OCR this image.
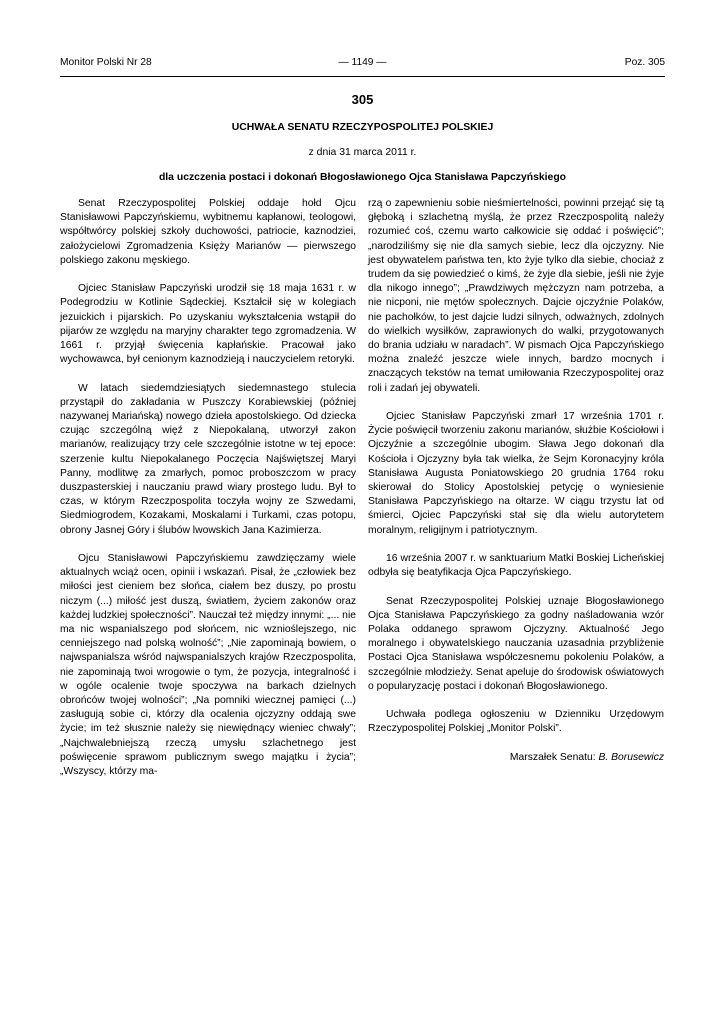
Monitor Polski Nr 28	— 1149 —	Poz. 305
305
UCHWAŁA SENATU RZECZYPOSPOLITEJ POLSKIEJ
z dnia 31 marca 2011 r.
dla uczczenia postaci i dokonań Błogosławionego Ojca Stanisława Papczyńskiego

Senat Rzeczypospolitej Polskiej oddaje hołd Ojcu Stanisławowi Papczyńskiemu, wybitnemu kapłanowi, teologowi, współtwórcy polskiej szkoły duchowości, patriocie, kaznodziei, założycielowi Zgromadzenia Księży Marianów — pierwszego polskiego zakonu męskiego.

Ojciec Stanisław Papczyński urodził się 18 maja 1631 r. w Podegrodziu w Kotlinie Sądeckiej. Kształcił się w kolegiach jezuickich i pijarskich. Po uzyskaniu wykształcenia wstąpił do pijarów ze względu na maryjny charakter tego zgromadzenia. W 1661 r. przyjął święcenia kapłańskie. Pracował jako wychowawca, był cenionym kaznodzieją i nauczycielem retoryki.

W latach siedemdziesiątych siedemnastego stulecia przystąpił do zakładania w Puszczy Korabiewskiej (później nazywanej Mariańską) nowego dzieła apostolskiego. Od dziecka czując szczególną więź z Niepokalaną, utworzył zakon marianów, realizujący trzy cele szczególnie istotne w tej epoce: szerzenie kultu Niepokalanego Poczęcia Najświętszej Maryi Panny, modlitwę za zmarłych, pomoc proboszczom w pracy duszpasterskiej i nauczaniu prawd wiary prostego ludu. Był to czas, w którym Rzeczpospolita toczyła wojny ze Szwedami, Siedmiogrodem, Kozakami, Moskalami i Turkami, czas potopu, obrony Jasnej Góry i ślubów lwowskich Jana Kazimierza.

Ojcu Stanisławowi Papczyńskiemu zawdzięczamy wiele aktualnych wciąż ocen, opinii i wskazań. Pisał, że „człowiek bez miłości jest cieniem bez słońca, ciałem bez duszy, po prostu niczym (...) miłość jest duszą, światłem, życiem zakonów oraz każdej ludzkiej społeczności”. Nauczał też między innymi: „... nie ma nic wspanialszego pod słońcem, nic wznioślejszego, nic cenniejszego nad polską wolność”; „Nie zapominają bowiem, o najwspanialsza wśród najwspanialszych krajów Rzeczpospolita, nie zapominają twoi wrogowie o tym, że pozycja, integralność i w ogóle ocalenie twoje spoczywa na barkach dzielnych obrońców twojej wolności”; „Na pomniki wiecznej pamięci (...) zasługują sobie ci, którzy dla ocalenia ojczyzny oddają swe życie; im też słusznie należy się niewiędnący wieniec chwały”; „Najchwalebniejszą rzeczą umysłu szlachetnego jest poświęcenie sprawom publicznym swego majątku i życia”; „Wszyscy, którzy ma-

rzą o zapewnieniu sobie nieśmiertelności, powinni przejąć się tą głęboką i szlachetną myślą, że przez Rzeczpospolitą należy rozumieć coś, czemu warto całkowicie się oddać i poświęcić”; „narodziliśmy się nie dla samych siebie, lecz dla ojczyzny. Nie jest obywatelem państwa ten, kto żyje tylko dla siebie, chociaż z trudem da się powiedzieć o kimś, że żyje dla siebie, jeśli nie żyje dla nikogo innego”; „Prawdziwych mężczyzn nam potrzeba, a nie nicponi, nie mętów społecznych. Dajcie ojczyźnie Polaków, nie pachołków, to jest dajcie ludzi silnych, odważnych, zdolnych do wielkich wysiłków, zaprawionych do walki, przygotowanych do brania udziału w naradach”. W pismach Ojca Papczyńskiego można znaleźć jeszcze wiele innych, bardzo mocnych i znaczących tekstów na temat umiłowania Rzeczypospolitej oraz roli i zadań jej obywateli.

Ojciec Stanisław Papczyński zmarł 17 września 1701 r. Życie poświęcił tworzeniu zakonu marianów, służbie Kościołowi i Ojczyźnie a szczególnie ubogim. Sława Jego dokonań dla Kościoła i Ojczyzny była tak wielka, że Sejm Koronacyjny króla Stanisława Augusta Poniatowskiego 20 grudnia 1764 roku skierował do Stolicy Apostolskiej petycję o wyniesienie Stanisława Papczyńskiego na ołtarze. W ciągu trzystu lat od śmierci, Ojciec Papczyński stał się dla wielu autorytetem moralnym, religijnym i patriotycznym.

16 września 2007 r. w sanktuarium Matki Boskiej Licheńskiej odbyła się beatyfikacja Ojca Papczyńskiego.

Senat Rzeczypospolitej Polskiej uznaje Błogosławionego Ojca Stanisława Papczyńskiego za godny naśladowania wzór Polaka oddanego sprawom Ojczyzny. Aktualność Jego moralnego i obywatelskiego nauczania uzasadnia przybliżenie Postaci Ojca Stanisława współczesnemu pokoleniu Polaków, a szczególnie młodzieży. Senat apeluje do środowisk oświatowych o popularyzację postaci i dokonań Błogosławionego.

Uchwała podlega ogłoszeniu w Dzienniku Urzędowym Rzeczypospolitej Polskiej „Monitor Polski”.

Marszałek Senatu: B. Borusewicz
